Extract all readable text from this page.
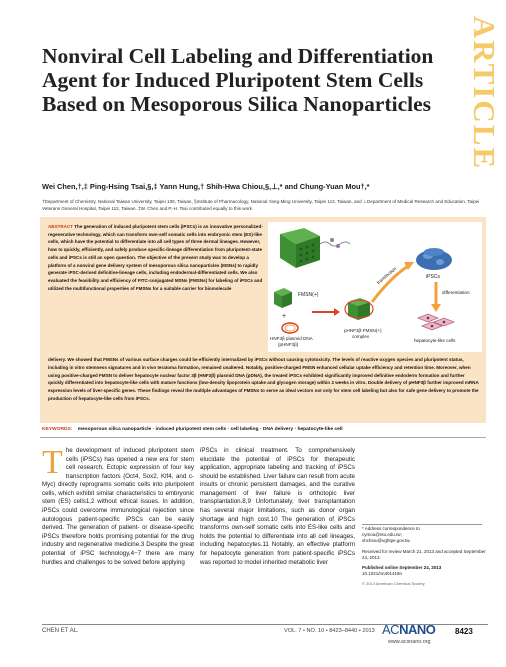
ARTICLE
Nonviral Cell Labeling and Differentiation Agent for Induced Pluripotent Stem Cells Based on Mesoporous Silica Nanoparticles
Wei Chen,†,‡ Ping-Hsing Tsai,§,‡ Yann Hung,† Shih-Hwa Chiou,§,⊥,* and Chung-Yuan Mou†,*
†Department of Chemistry, National Taiwan University, Taipei 106, Taiwan, §Institute of Pharmacology, National Yang-Ming University, Taipei 112, Taiwan, and ⊥Department of Medical Research and Education, Taipei Veterans General Hospital, Taipei 112, Taiwan. ‡W. Chen and P.-H. Tsai contributed equally to this work.
ABSTRACT The generation of induced pluripotent stem cells (iPSCs) is an innovative personalized-regenerative technology, which can transform own-self somatic cells into embryonic stem (ES)-like cells, which have the potential to differentiate into all cell types of three dermal lineages. However, how to quickly, efficiently, and safely produce specific-lineage differentiation from pluripotent-state cells and iPSCs is still an open question. The objective of the present study was to develop a platform of a nonviral gene delivery system of mesoporous silica nanoparticles (MSNs) to rapidly generate iPSC-derived definitive-lineage cells, including endodermal-differentiated cells. We also evaluated the feasibility and efficiency of FITC-conjugated MSNs (FMSNs) for labeling of iPSCs and utilized the multifunctional properties of FMSNs for a suitable carrier for biomolecule
FMSN(+)
+
HNF3β plasmid DNA
(pHNF3β)
pHNF3β-FMSN(+)
complex
transfection	iPSCs
differentiation
hepatocyte-like cells
delivery. We showed that FMSNs of various surface charges could be efficiently internalized by iPSCs without causing cytotoxicity. The levels of reactive oxygen species and pluripotent status, including in vitro stemness signatures and in vivo teratoma formation, remained unaltered. Notably, positive-charged FMSN enhanced cellular uptake efficiency and retention time. Moreover, when using positive-charged FMSN to deliver hepatocyte nuclear factor 3β (HNF3β) plasmid DNA (pDNA), the treated iPSCs exhibited significantly improved definitive endoderm formation and further quickly differentiated into hepatocyte-like cells with mature functions (low-density lipoprotein uptake and glycogen storage) within 2 weeks in vitro. Double delivery of pHNF3β further improved mRNA expression levels of liver-specific genes. These findings reveal the multiple advantages of FMSNs to serve as ideal vectors not only for stem cell labeling but also for safe gene delivery to promote the production of hepatocyte-like cells from iPSCs.
KEYWORDS: mesoporous silica nanoparticle · induced pluripotent stem cells · cell labeling · DNA delivery · hepatocyte-like cell
T he development of induced pluripotent stem cells (iPSCs) has opened a new era for stem cell research. Ectopic expression of four key transcription factors (Oct4, Sox2, Klf4, and c-Myc) directly reprograms somatic cells into pluripotent cells, which exhibit similar characteristics to embryonic stem (ES) cells1,2 without ethical issues. In addition, iPSCs could overcome immunological rejection since autologous patient-specific iPSCs can be easily derived. The generation of patient- or disease-specific iPSCs therefore holds promising potential for the drug industry and regenerative medicine.3 Despite the great potential of iPSC technology,4−7 there are many hurdles and challenges to be solved before applying
iPSCs in clinical treatment. To comprehensively elucidate the potential of iPSCs for therapeutic application, appropriate labeling and tracking of iPSCs should be established. Liver failure can result from acute insults or chronic persistent damages, and the curative management of liver failure is orthotopic liver transplantation.8,9 Unfortunately, liver transplantation has several major limitations, such as donor organ shortage and high cost.10 The generation of iPSCs transforms own-self somatic cells into ES-like cells and holds the potential to differentiate into all cell lineages, including hepatocytes.11 Notably, an effective platform for hepatocyte generation from patient-specific iPSCs was reported to model inherited metabolic liver
* Address correspondence to
cymou@ntu.edu.tw;
shchiou@vghtpe.gov.tw.
Received for review March 21, 2013 and accepted September 24, 2013.
Published online September 24, 2013
10.1021/nn401418n
© 2013 American Chemical Society
CHEN ET AL.	VOL. 7 • NO. 10 • 8423–8440 • 2013 ACNANO
www.acsnano.org
8423
